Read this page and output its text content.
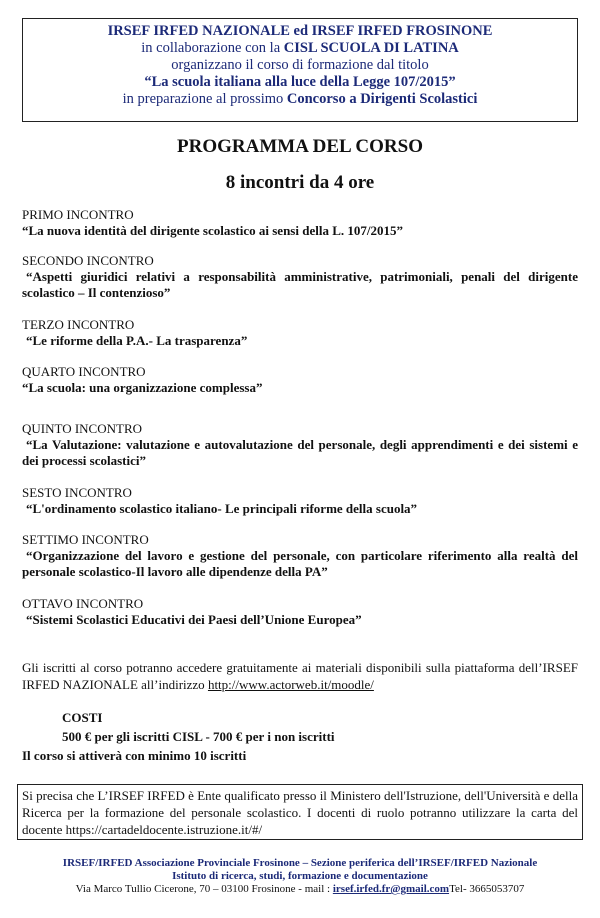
IRSEF IRFED NAZIONALE ed IRSEF IRFED FROSINONE
in collaborazione con la CISL SCUOLA DI LATINA
organizzano il corso di formazione dal titolo
“La scuola italiana alla luce della Legge 107/2015”
in preparazione al prossimo Concorso a Dirigenti Scolastici
PROGRAMMA DEL CORSO
8 incontri da 4 ore
PRIMO INCONTRO
“La nuova identità del dirigente scolastico ai sensi della L. 107/2015”
SECONDO INCONTRO
“Aspetti giuridici relativi a responsabilità amministrative, patrimoniali, penali del dirigente scolastico – Il contenzioso”
TERZO INCONTRO
“Le riforme della P.A.- La trasparenza”
QUARTO INCONTRO
“La scuola: una organizzazione complessa”
QUINTO INCONTRO
“La Valutazione: valutazione e autovalutazione del personale, degli apprendimenti e dei sistemi e dei processi scolastici”
SESTO INCONTRO
“L'ordinamento scolastico italiano- Le principali riforme della scuola”
SETTIMO INCONTRO
“Organizzazione del lavoro e gestione del personale, con particolare riferimento alla realtà del personale scolastico-Il lavoro alle dipendenze della PA”
OTTAVO INCONTRO
“Sistemi Scolastici Educativi dei Paesi dell’Unione Europea”
Gli iscritti al corso potranno accedere gratuitamente ai materiali disponibili sulla piattaforma dell’IRSEF IRFED NAZIONALE all’indirizzo http://www.actorweb.it/moodle/
COSTI
500 € per gli iscritti CISL - 700 € per i non iscritti
Il corso si attiverà con minimo 10 iscritti
Si precisa che L’IRSEF IRFED è Ente qualificato presso il Ministero dell'Istruzione, dell'Università e della Ricerca per la formazione del personale scolastico. I docenti di ruolo potranno utilizzare la carta del docente https://cartadeldocente.istruzione.it/#/
IRSEF/IRFED Associazione Provinciale Frosinone – Sezione periferica dell’IRSEF/IRFED Nazionale
Istituto di ricerca, studi, formazione e documentazione
Via Marco Tullio Cicerone, 70 – 03100 Frosinone - mail : irsef.irfed.fr@gmail.comTel- 3665053707
